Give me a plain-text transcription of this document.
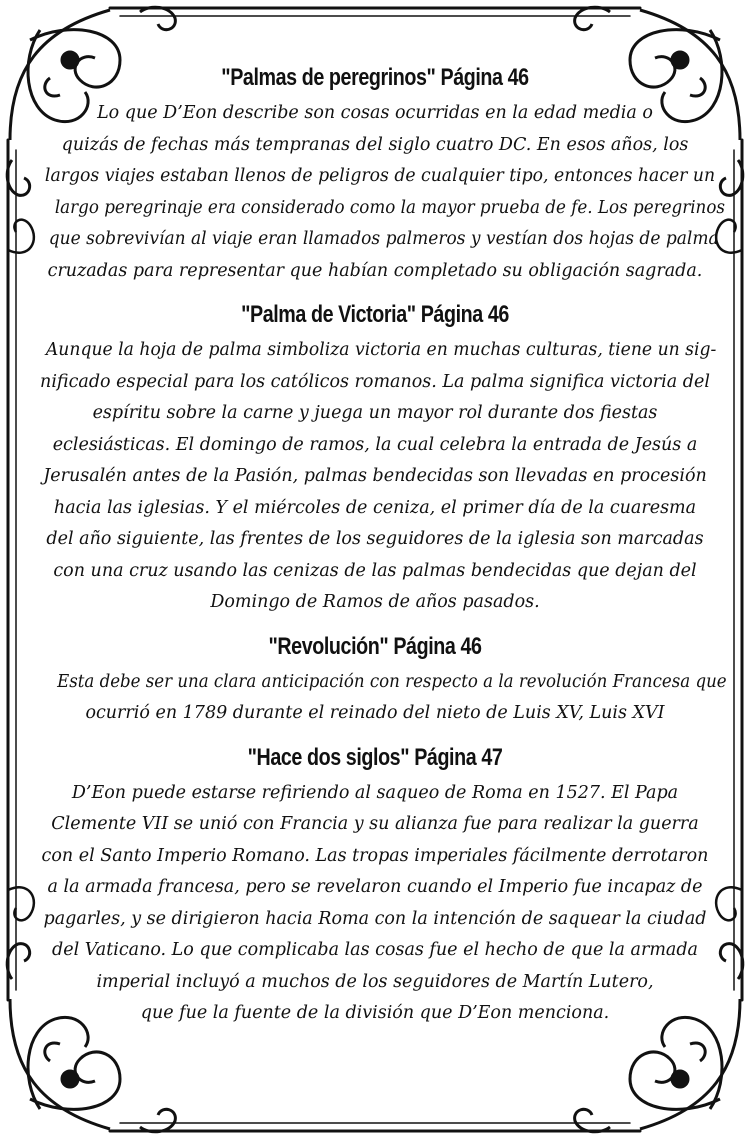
"Palmas de peregrinos" Página 46

Lo que D’Eon describe son cosas ocurridas en la edad media o
quizás de fechas más tempranas del siglo cuatro DC. En esos años, los
largos viajes estaban llenos de peligros de cualquier tipo, entonces hacer un
largo peregrinaje era considerado como la mayor prueba de fe. Los peregrinos
que sobrevivían al viaje eran llamados palmeros y vestían dos hojas de palma
cruzadas para representar que habían completado su obligación sagrada.

"Palma de Victoria" Página 46

Aunque la hoja de palma simboliza victoria en muchas culturas, tiene un sig-
nificado especial para los católicos romanos. La palma significa victoria del
espíritu sobre la carne y juega un mayor rol durante dos fiestas
eclesiásticas. El domingo de ramos, la cual celebra la entrada de Jesús a
Jerusalén antes de la Pasión, palmas bendecidas son llevadas en procesión
hacia las iglesias. Y el miércoles de ceniza, el primer día de la cuaresma
del año siguiente, las frentes de los seguidores de la iglesia son marcadas
con una cruz usando las cenizas de las palmas bendecidas que dejan del
Domingo de Ramos de años pasados.

"Revolución" Página 46

Esta debe ser una clara anticipación con respecto a la revolución Francesa que
ocurrió en 1789 durante el reinado del nieto de Luis XV, Luis XVI

"Hace dos siglos" Página 47

D’Eon puede estarse refiriendo al saqueo de Roma en 1527. El Papa
Clemente VII se unió con Francia y su alianza fue para realizar la guerra
con el Santo Imperio Romano. Las tropas imperiales fácilmente derrotaron
a la armada francesa, pero se revelaron cuando el Imperio fue incapaz de
pagarles, y se dirigieron hacia Roma con la intención de saquear la ciudad
del Vaticano. Lo que complicaba las cosas fue el hecho de que la armada
imperial incluyó a muchos de los seguidores de Martín Lutero,
que fue la fuente de la división que D’Eon menciona.
